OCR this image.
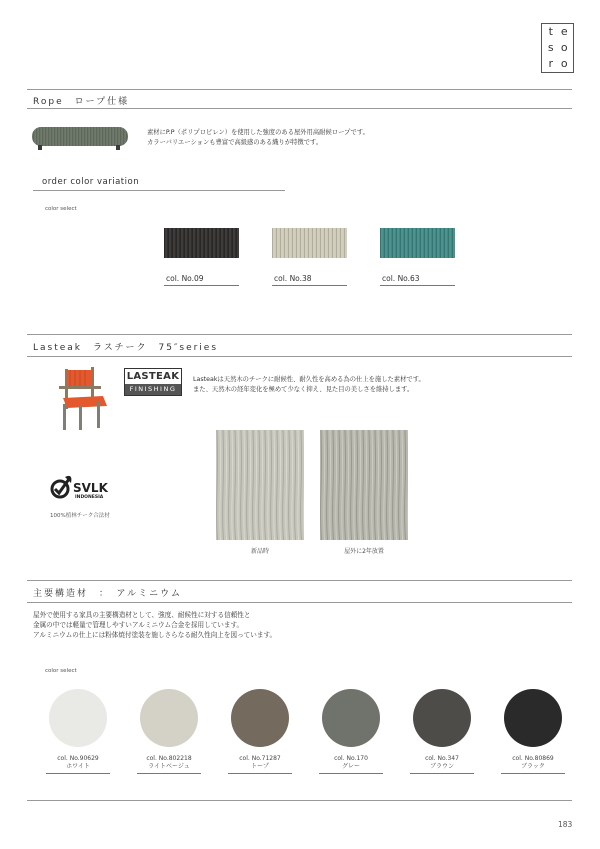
t e
s o
r o
Rope　ロープ仕様
素材にP.P（ポリプロピレン）を使用した強度のある屋外用高耐候ロープです。
カラーバリエーションも豊富で高級感のある織りが特徴です。
order color variation
color select
col. No.09	col. No.38	col. No.63
Lasteak　ラスチーク　75″series
LASTEAK
FINISHING
Lasteakは天然木のチークに耐候性、耐久性を高める為の仕上を施した素材です。
また、天然木の経年変化を極めて少なく抑え、見た目の美しさを維持します。
SVLK
INDONESIA
100%植林チーク合法材
新品時	屋外に2年放置
主要構造材　：　アルミニウム
屋外で使用する家具の主要構造材として、強度、耐候性に対する信頼性と
金属の中では軽量で管理しやすいアルミニウム合金を採用しています。
アルミニウムの仕上には粉体焼付塗装を施しさらなる耐久性向上を図っています。
color select
col. No.90629
ホワイト
col. No.802218
ライトベージュ
col. No.71287
トープ
col. No.170
グレー
col. No.347
ブラウン
col. No.80869
ブラック
183
